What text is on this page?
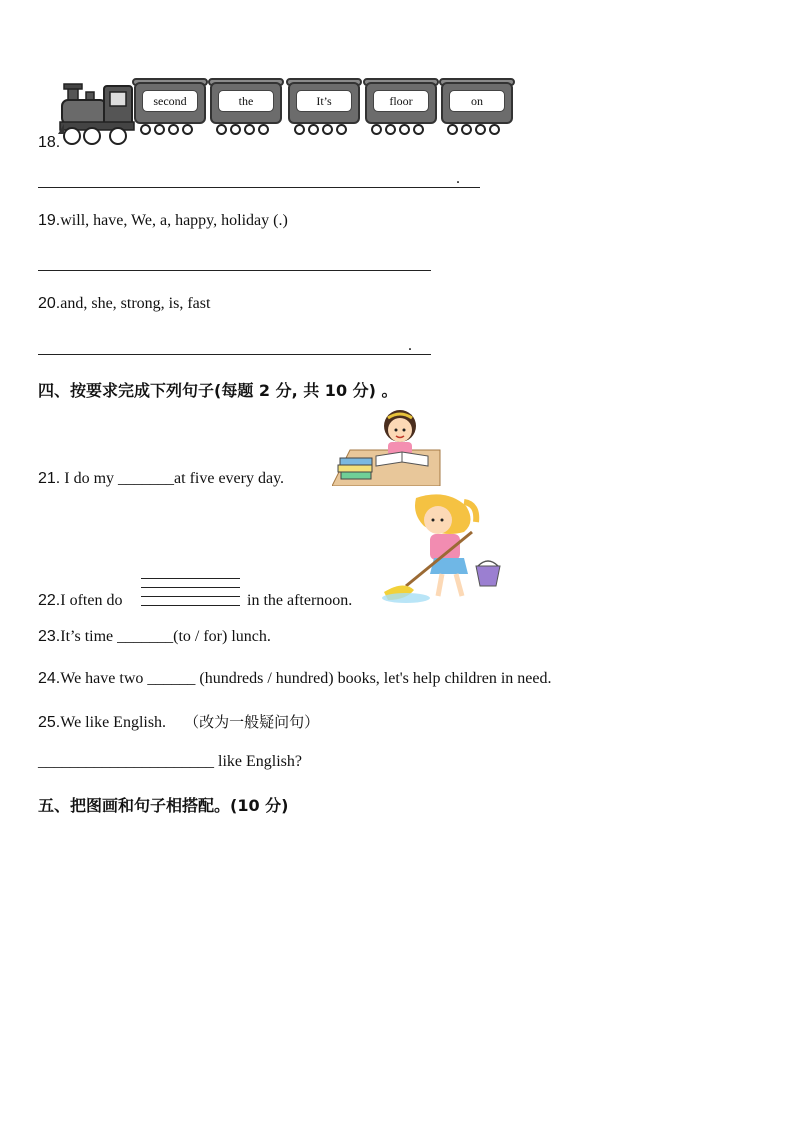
second	the	It’s	floor	on
18.
.
19.will, have, We, a, happy, holiday (.)
20.and, she, strong, is, fast
.
四、按要求完成下列句子(每题 2 分, 共 10 分) 。
21. I do my _______at five every day.
22.I often do	in the afternoon.
23.It’s time _______(to / for) lunch.
24.We have two ______ (hundreds / hundred) books, let's help children in need.
25.We like English. （改为一般疑问句）
______________________ like English?
五、把图画和句子相搭配。(10 分)
